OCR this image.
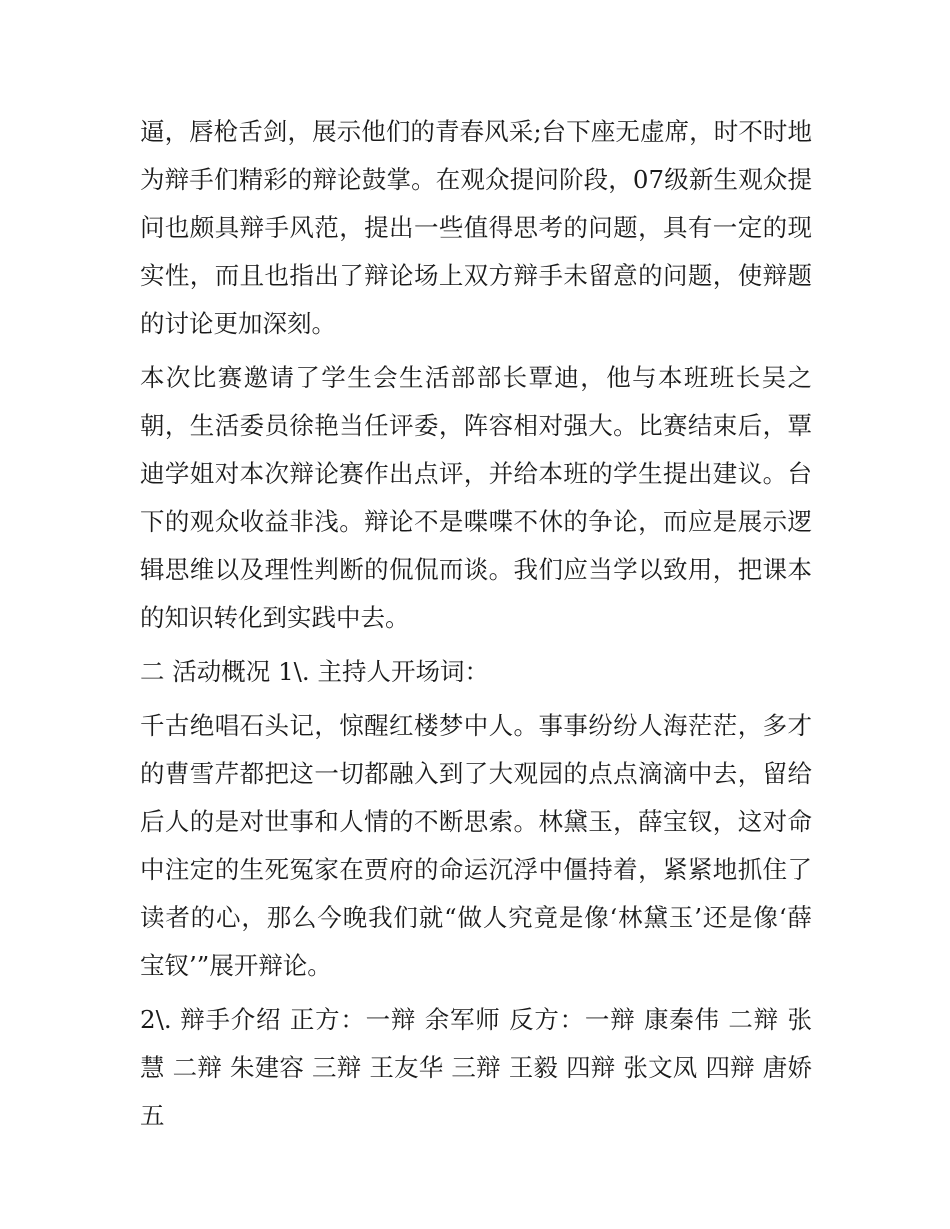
逼，唇枪舌剑，展示他们的青春风采;台下座无虚席，时不时地为辩手们精彩的辩论鼓掌。在观众提问阶段，07级新生观众提问也颇具辩手风范，提出一些值得思考的问题，具有一定的现实性，而且也指出了辩论场上双方辩手未留意的问题，使辩题的讨论更加深刻。

本次比赛邀请了学生会生活部部长覃迪，他与本班班长吴之朝，生活委员徐艳当任评委，阵容相对强大。比赛结束后，覃迪学姐对本次辩论赛作出点评，并给本班的学生提出建议。台下的观众收益非浅。辩论不是喋喋不休的争论，而应是展示逻辑思维以及理性判断的侃侃而谈。我们应当学以致用，把课本的知识转化到实践中去。

二 活动概况 1\. 主持人开场词：

千古绝唱石头记，惊醒红楼梦中人。事事纷纷人海茫茫，多才的曹雪芹都把这一切都融入到了大观园的点点滴滴中去，留给后人的是对世事和人情的不断思索。林黛玉，薛宝钗，这对命中注定的生死冤家在贾府的命运沉浮中僵持着，紧紧地抓住了读者的心，那么今晚我们就“做人究竟是像‘林黛玉’还是像‘薛宝钗’”展开辩论。

2\. 辩手介绍 正方：一辩 余军师 反方：一辩 康秦伟 二辩 张慧 二辩 朱建容 三辩 王友华 三辩 王毅 四辩 张文凤 四辩 唐娇 五
